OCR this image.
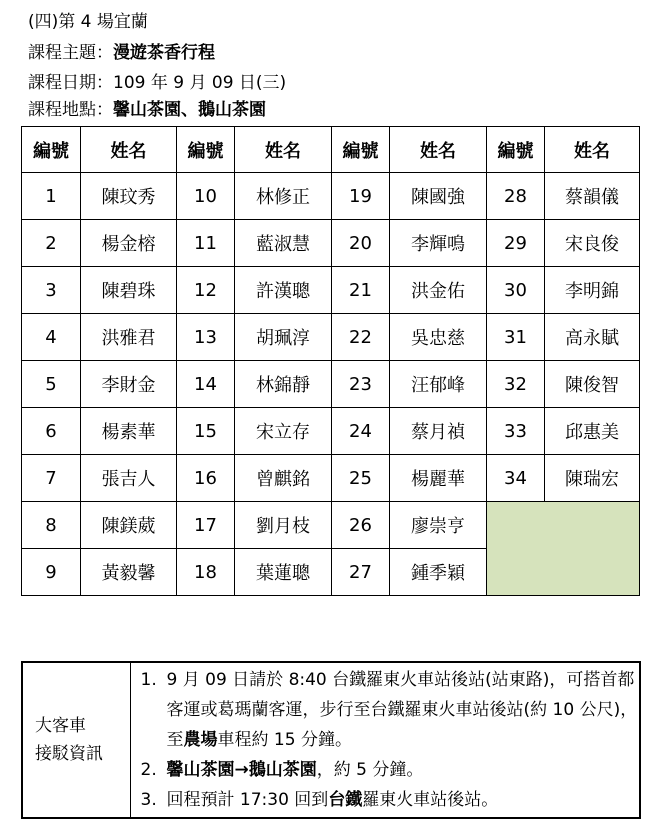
(四)第 4 場宜蘭
課程主題：漫遊茶香行程
課程日期：109 年 9 月 09 日(三)
課程地點：馨山茶園、鵝山茶園
編號	姓名	編號	姓名	編號	姓名	編號	姓名
1	陳玟秀	10	林修正	19	陳國強	28	蔡韻儀
2	楊金榕	11	藍淑慧	20	李輝鳴	29	宋良俊
3	陳碧珠	12	許漢聰	21	洪金佑	30	李明錦
4	洪雅君	13	胡珮淳	22	吳忠慈	31	高永賦
5	李財金	14	林錦靜	23	汪郁峰	32	陳俊智
6	楊素華	15	宋立存	24	蔡月禎	33	邱惠美
7	張吉人	16	曾麒銘	25	楊麗華	34	陳瑞宏
8	陳鎂葳	17	劉月枝	26	廖崇亨		
9	黃毅馨	18	葉蓮聰	27	鍾季穎		
大客車
接駁資訊

1. 9 月 09 日請於 8:40 台鐵羅東火車站後站(站東路)，可搭首都客運或葛瑪蘭客運，步行至台鐵羅東火車站後站(約 10 公尺)，至農場車程約 15 分鐘。
2. 馨山茶園→鵝山茶園，約 5 分鐘。
3. 回程預計 17:30 回到台鐵羅東火車站後站。
